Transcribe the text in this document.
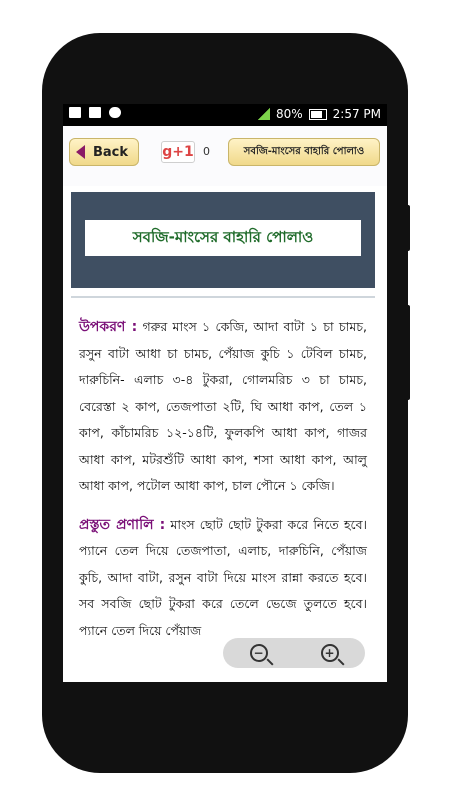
80%	2:57 PM
Back g+1 0	সবজি-মাংসের বাহারি পোলাও
সবজি-মাংসের বাহারি পোলাও

উপকরণ : গরুর মাংস ১ কেজি, আদা বাটা ১ চা চামচ, রসুন বাটা আধা চা চামচ, পেঁয়াজ কুচি ১ টেবিল চামচ, দারুচিনি- এলাচ ৩-৪ টুকরা, গোলমরিচ ৩ চা চামচ, বেরেস্তা ২ কাপ, তেজপাতা ২টি, ঘি আধা কাপ, তেল ১ কাপ, কাঁচামরিচ ১২-১৪টি, ফুলকপি আধা কাপ, গাজর আধা কাপ, মটরশুঁটি আধা কাপ, শসা আধা কাপ, আলু আধা কাপ, পটোল আধা কাপ, চাল পৌনে ১ কেজি।

প্রস্তুত প্রণালি : মাংস ছোট ছোট টুকরা করে নিতে হবে। প্যানে তেল দিয়ে তেজপাতা, এলাচ, দারুচিনি, পেঁয়াজ কুচি, আদা বাটা, রসুন বাটা দিয়ে মাংস রান্না করতে হবে। সব সবজি ছোট টুকরা করে তেলে ভেজে তুলতে হবে। প্যানে তেল দিয়ে পেঁয়াজ

−	+
